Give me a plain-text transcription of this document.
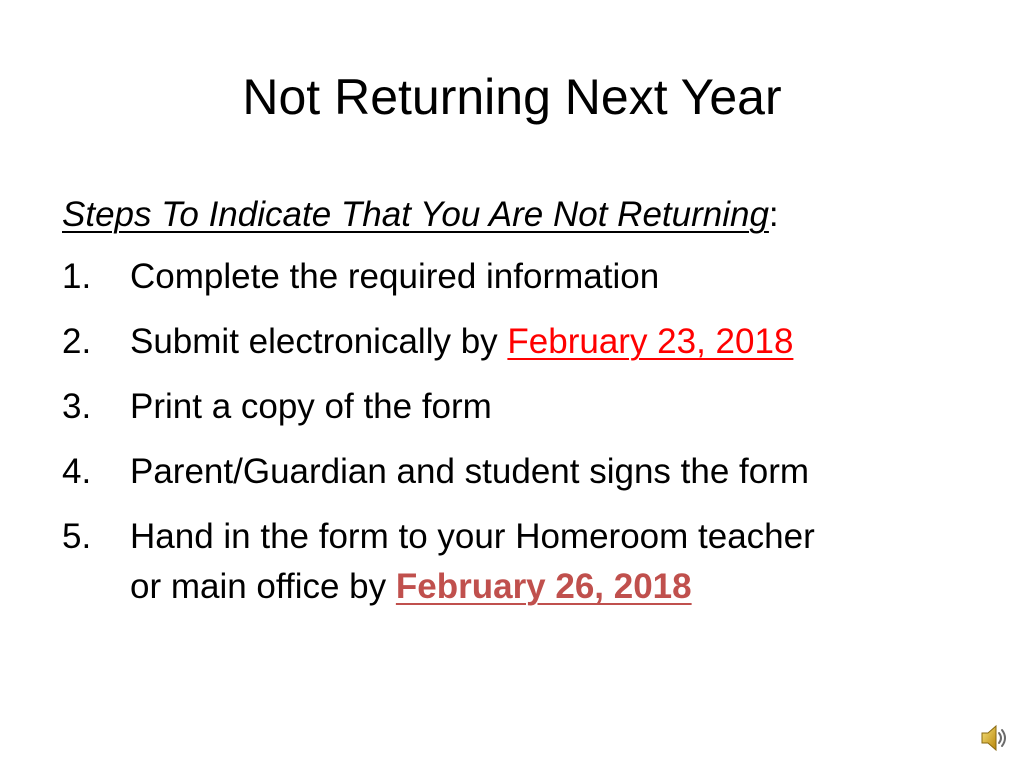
Not Returning Next Year
Steps To Indicate That You Are Not Returning:
1. Complete the required information
2. Submit electronically by February 23, 2018
3. Print a copy of the form
4. Parent/Guardian and student signs the form
5. Hand in the form to your Homeroom teacher
or main office by February 26, 2018
